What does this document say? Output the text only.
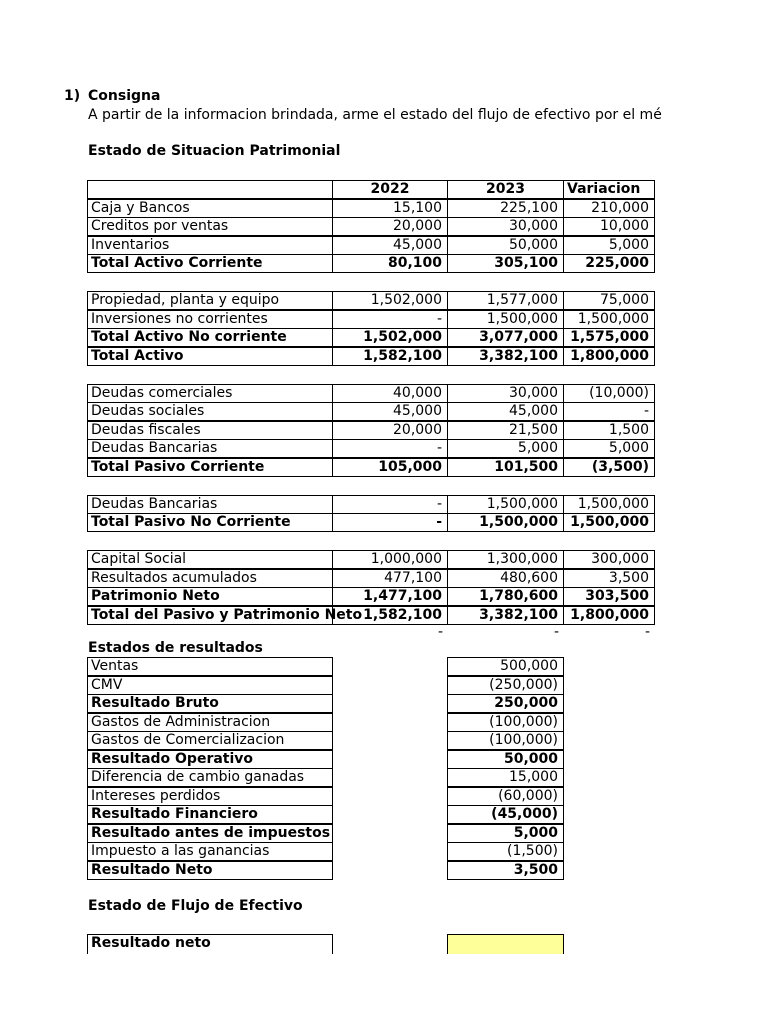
1) Consigna
A partir de la informacion brindada, arme el estado del flujo de efectivo por el mé
Estado de Situacion Patrimonial
2022	2023	Variacion
Caja y Bancos	15,100	225,100	210,000
Creditos por ventas	20,000	30,000	10,000
Inventarios	45,000	50,000	5,000
Total Activo Corriente	80,100	305,100	225,000
Propiedad, planta y equipo	1,502,000	1,577,000	75,000
Inversiones no corrientes	-	1,500,000	1,500,000
Total Activo No corriente	1,502,000	3,077,000 1,575,000
Total Activo	1,582,100	3,382,100 1,800,000
Deudas comerciales	40,000	30,000	(10,000)
Deudas sociales	45,000	45,000	-
Deudas fiscales	20,000	21,500	1,500
Deudas Bancarias	-	5,000	5,000
Total Pasivo Corriente	105,000	101,500	(3,500)
Deudas Bancarias	-	1,500,000	1,500,000
Total Pasivo No Corriente	-	1,500,000 1,500,000
Capital Social	1,000,000	1,300,000	300,000
Resultados acumulados	477,100	480,600	3,500
Patrimonio Neto	1,477,100	1,780,600	303,500
Total del Pasivo y Patrimonio Neto 1,582,100	3,382,100 1,800,000
-	-	-
Estados de resultados
Ventas	500,000
CMV	(250,000)
Resultado Bruto	250,000
Gastos de Administracion	(100,000)
Gastos de Comercializacion	(100,000)
Resultado Operativo	50,000
Diferencia de cambio ganadas	15,000
Intereses perdidos	(60,000)
Resultado Financiero	(45,000)
Resultado antes de impuestos	5,000
Impuesto a las ganancias	(1,500)
Resultado Neto	3,500
Estado de Flujo de Efectivo
Resultado neto
